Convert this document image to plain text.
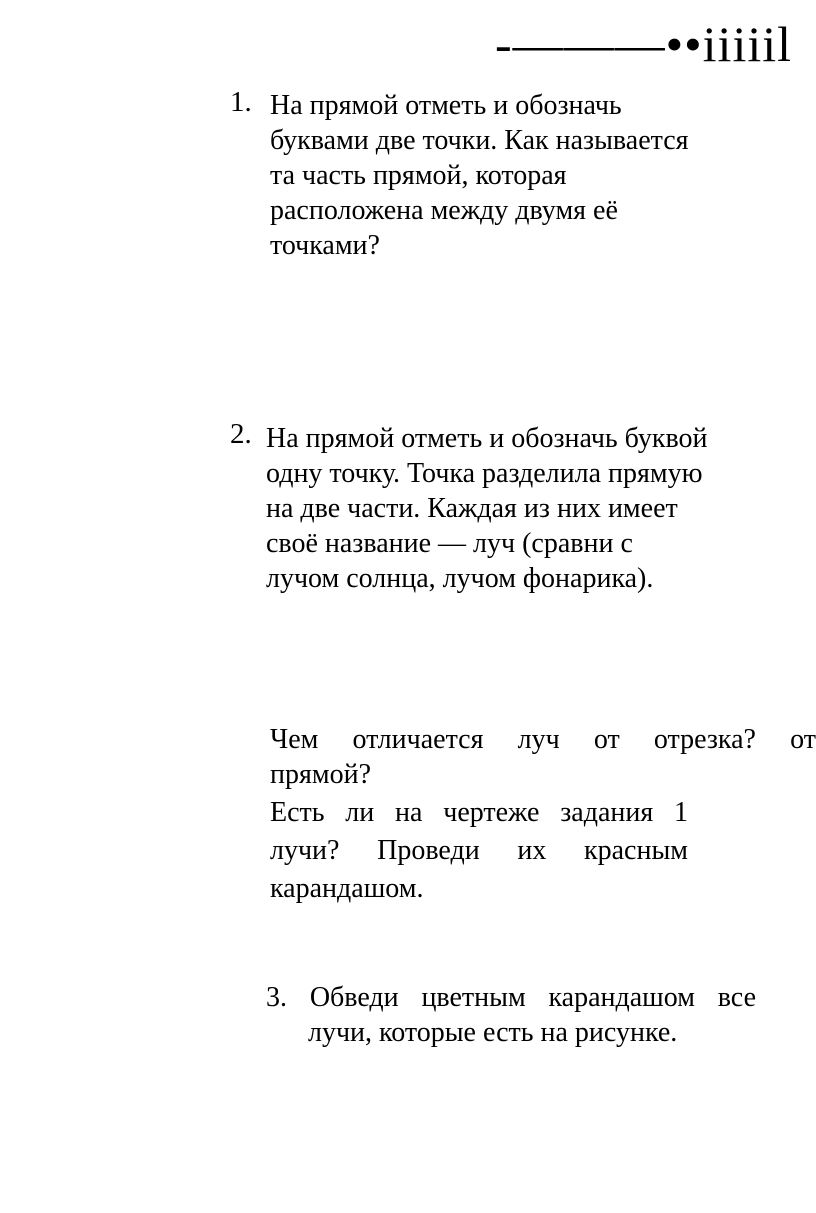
-———••iiiiil
1. На прямой отметь и обозначь
буквами две точки. Как называется
та часть прямой, которая
расположена между двумя её
точками?
2. На прямой отметь и обозначь буквой
одну точку. Точка разделила прямую
на две части. Каждая из них имеет
своё название — луч (сравни с
лучом солнца, лучом фонарика).
Чем отличается луч от отрезка? от
прямой?
Есть ли на чертеже задания 1
лучи? Проведи их красным
карандашом.
3. Обведи цветным карандашом все
лучи, которые есть на рисунке.
